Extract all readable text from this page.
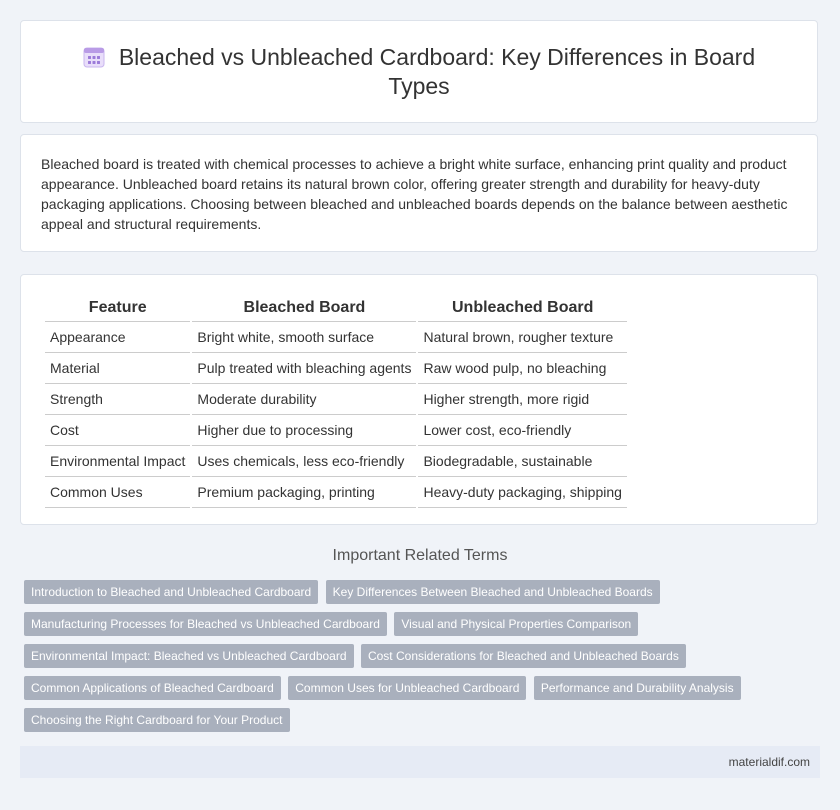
Bleached vs Unbleached Cardboard: Key Differences in Board Types
Bleached board is treated with chemical processes to achieve a bright white surface, enhancing print quality and product appearance. Unbleached board retains its natural brown color, offering greater strength and durability for heavy-duty packaging applications. Choosing between bleached and unbleached boards depends on the balance between aesthetic appeal and structural requirements.
Feature	Bleached Board	Unbleached Board
Appearance	Bright white, smooth surface	Natural brown, rougher texture
Material	Pulp treated with bleaching agents	Raw wood pulp, no bleaching
Strength	Moderate durability	Higher strength, more rigid
Cost	Higher due to processing	Lower cost, eco-friendly
Environmental Impact	Uses chemicals, less eco-friendly	Biodegradable, sustainable
Common Uses	Premium packaging, printing	Heavy-duty packaging, shipping
Important Related Terms
Introduction to Bleached and Unbleached Cardboard Key Differences Between Bleached and Unbleached Boards Manufacturing Processes for Bleached vs Unbleached Cardboard Visual and Physical Properties Comparison Environmental Impact: Bleached vs Unbleached Cardboard Cost Considerations for Bleached and Unbleached Boards Common Applications of Bleached Cardboard Common Uses for Unbleached Cardboard Performance and Durability Analysis Choosing the Right Cardboard for Your Product
materialdif.com
